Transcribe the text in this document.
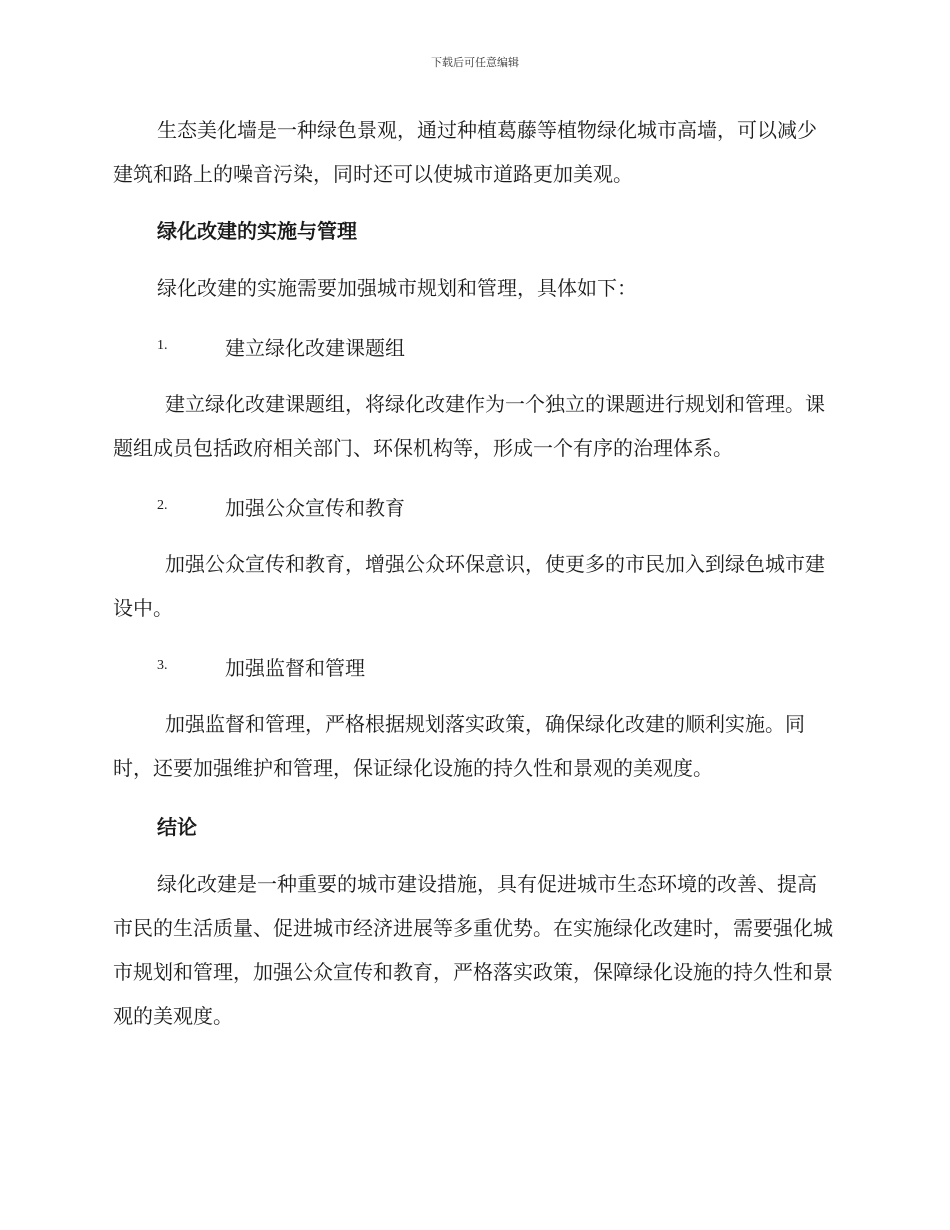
下载后可任意编辑

生态美化墙是一种绿色景观，通过种植葛藤等植物绿化城市高墙，可以减少建筑和路上的噪音污染，同时还可以使城市道路更加美观。

绿化改建的实施与管理

绿化改建的实施需要加强城市规划和管理，具体如下：

1.	建立绿化改建课题组

建立绿化改建课题组，将绿化改建作为一个独立的课题进行规划和管理。课题组成员包括政府相关部门、环保机构等，形成一个有序的治理体系。

2.	加强公众宣传和教育

加强公众宣传和教育，增强公众环保意识，使更多的市民加入到绿色城市建设中。

3.	加强监督和管理

加强监督和管理，严格根据规划落实政策，确保绿化改建的顺利实施。同时，还要加强维护和管理，保证绿化设施的持久性和景观的美观度。

结论

绿化改建是一种重要的城市建设措施，具有促进城市生态环境的改善、提高市民的生活质量、促进城市经济进展等多重优势。在实施绿化改建时，需要强化城市规划和管理，加强公众宣传和教育，严格落实政策，保障绿化设施的持久性和景观的美观度。
